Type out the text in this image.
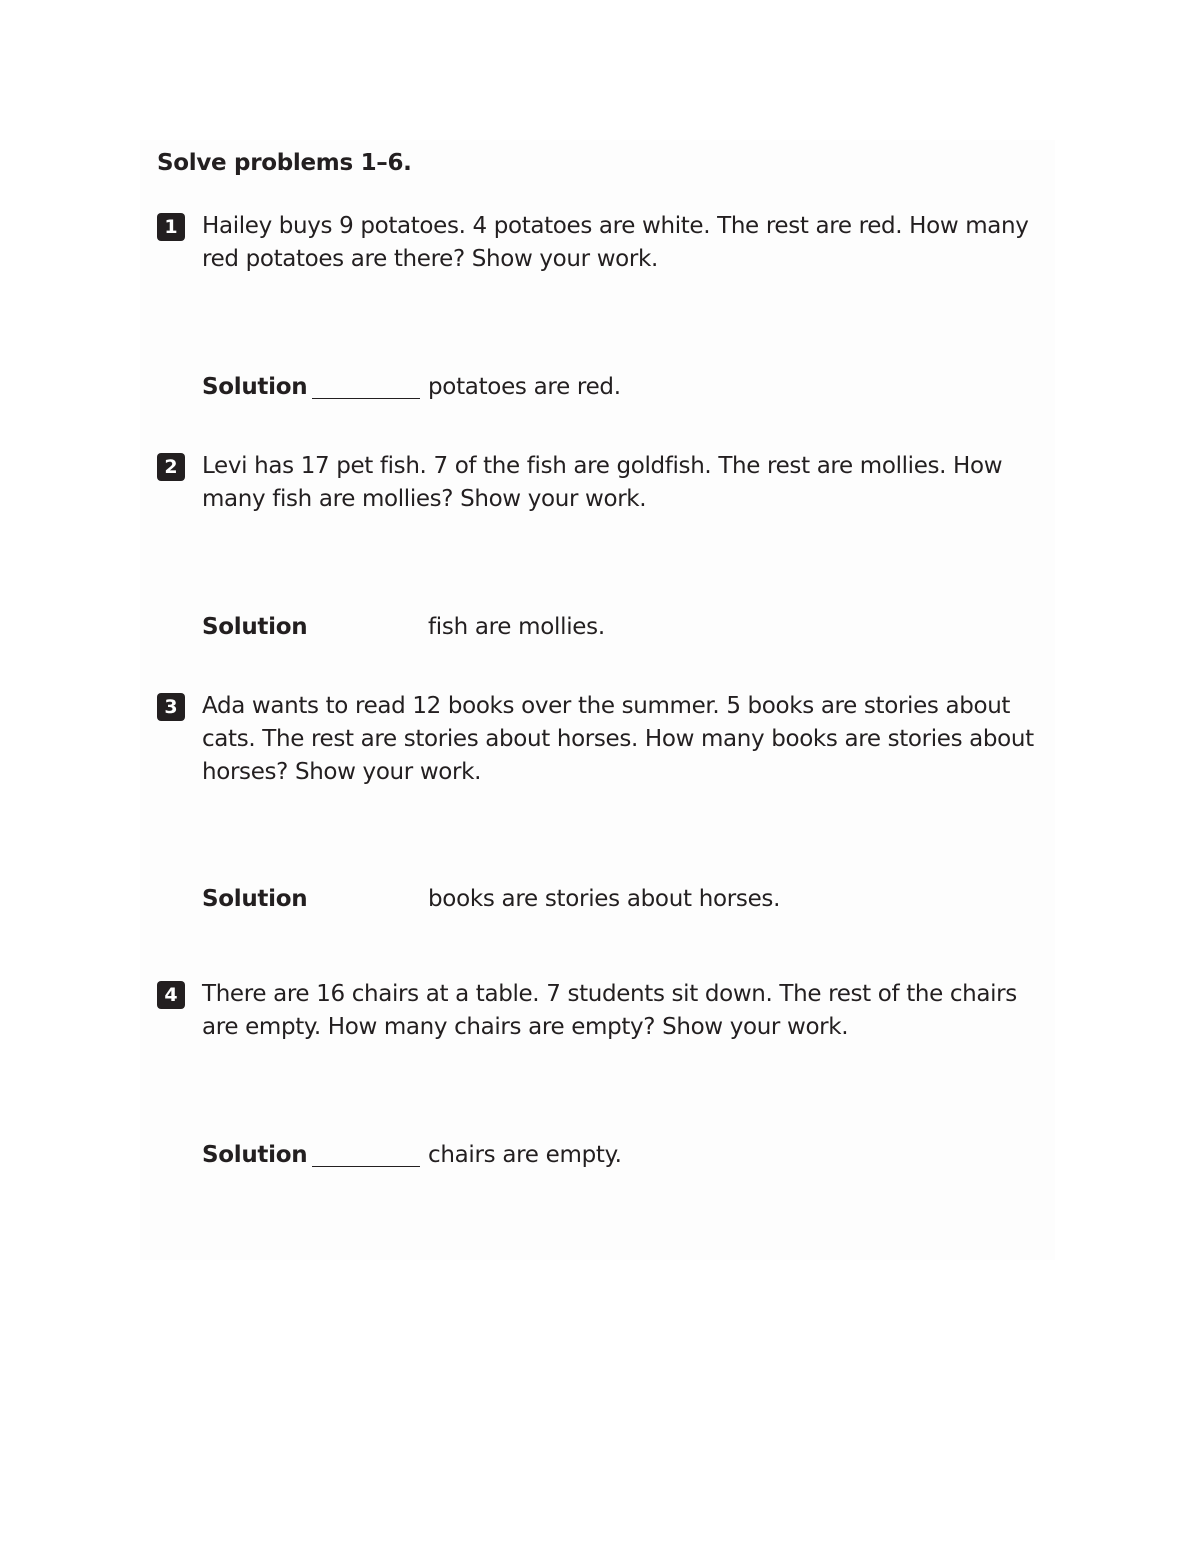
Solve problems 1–6.
1	Hailey buys 9 potatoes. 4 potatoes are white. The rest are red. How many red potatoes are there? Show your work.
Solution	potatoes are red.
2	Levi has 17 pet fish. 7 of the fish are goldfish. The rest are mollies. How many fish are mollies? Show your work.
Solution	fish are mollies.
3	Ada wants to read 12 books over the summer. 5 books are stories about cats. The rest are stories about horses. How many books are stories about horses? Show your work.
Solution	books are stories about horses.
4	There are 16 chairs at a table. 7 students sit down. The rest of the chairs are empty. How many chairs are empty? Show your work.
Solution	chairs are empty.
